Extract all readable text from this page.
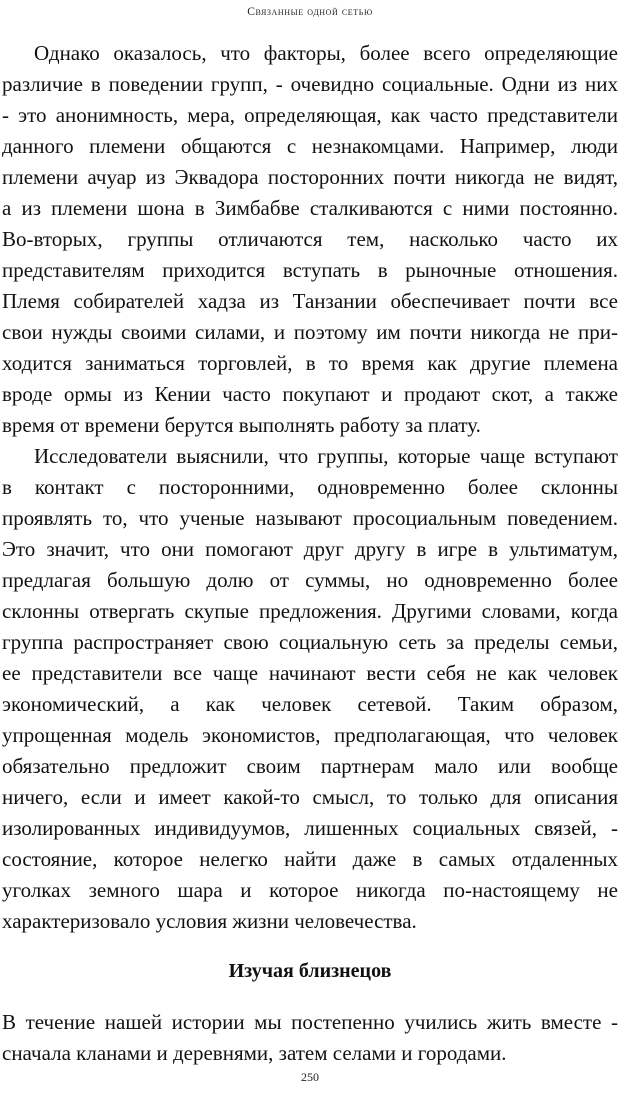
Связанные одной сетью

Однако оказалось, что факторы, более всего определяющие
различие в поведении групп, - очевидно социальные. Одни из них
- это анонимность, мера, определяющая, как часто представители
данного племени общаются с незнакомцами. Например, люди
племени ачуар из Эквадора посторонних почти никогда не видят,
а из племени шона в Зимбабве сталкиваются с ними постоянно.
Во-вторых, группы отличаются тем, насколько часто их
представителям приходится вступать в рыночные отношения.
Племя собирателей хадза из Танзании обеспечивает почти все
свои нужды своими силами, и поэтому им почти никогда не при-
ходится заниматься торговлей, в то время как другие племена
вроде ормы из Кении часто покупают и продают скот, а также
время от времени берутся выполнять работу за плату.

Исследователи выяснили, что группы, которые чаще вступают
в контакт с посторонними, одновременно более склонны
проявлять то, что ученые называют просоциальным поведением.
Это значит, что они помогают друг другу в игре в ультиматум,
предлагая большую долю от суммы, но одновременно более
склонны отвергать скупые предложения. Другими словами, когда
группа распространяет свою социальную сеть за пределы семьи,
ее представители все чаще начинают вести себя не как человек
экономический, а как человек сетевой. Таким образом,
упрощенная модель экономистов, предполагающая, что человек
обязательно предложит своим партнерам мало или вообще
ничего, если и имеет какой-то смысл, то только для описания
изолированных индивидуумов, лишенных социальных связей, -
состояние, которое нелегко найти даже в самых отдаленных
уголках земного шара и которое никогда по-настоящему не
характеризовало условия жизни человечества.

Изучая близнецов

В течение нашей истории мы постепенно учились жить вместе -
сначала кланами и деревнями, затем селами и городами.

250
